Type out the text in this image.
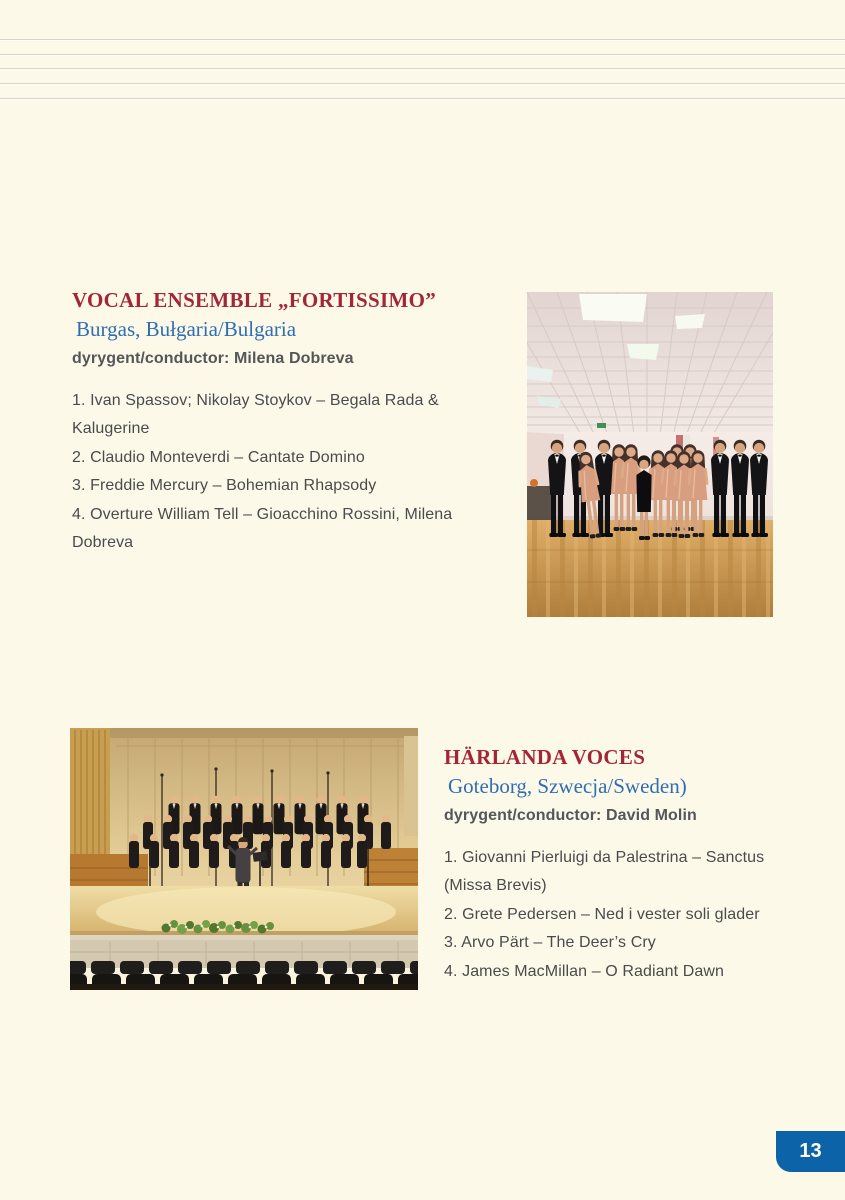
VOCAL ENSEMBLE „FORTISSIMO”
Burgas, Bułgaria/Bulgaria

dyrygent/conductor: Milena Dobreva

1. Ivan Spassov; Nikolay Stoykov – Begala Rada & Kalugerine
2. Claudio Monteverdi – Cantate Domino
3. Freddie Mercury – Bohemian Rhapsody
4. Overture William Tell – Gioacchino Rossini, Milena Dobreva
HÄRLANDA VOCES
Goteborg, Szwecja/Sweden)

dyrygent/conductor: David Molin

1. Giovanni Pierluigi da Palestrina – Sanctus (Missa Brevis)
2. Grete Pedersen – Ned i vester soli glader
3. Arvo Pärt – The Deer’s Cry
4. James MacMillan – O Radiant Dawn
13
